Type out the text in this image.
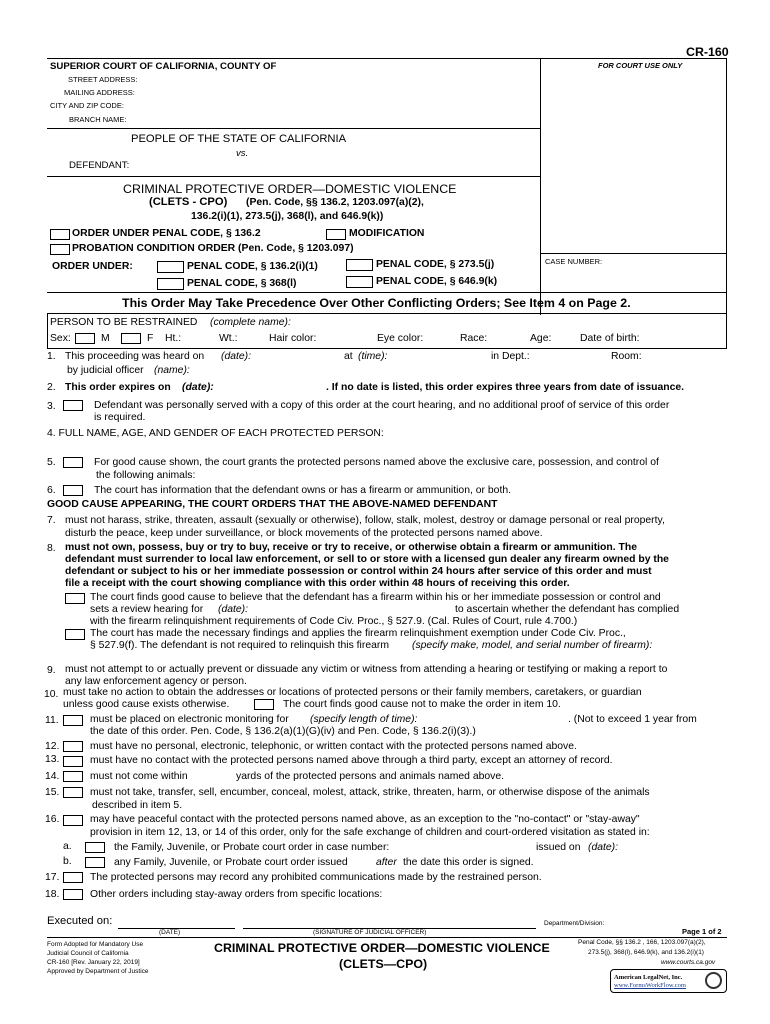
CR-160
SUPERIOR COURT OF CALIFORNIA, COUNTY OF	FOR COURT USE ONLY
STREET ADDRESS:
MAILING ADDRESS:
CITY AND ZIP CODE:
BRANCH NAME:
PEOPLE OF THE STATE OF CALIFORNIA
vs.
DEFENDANT:
CRIMINAL PROTECTIVE ORDER—DOMESTIC VIOLENCE
(CLETS - CPO) (Pen. Code, §§ 136.2, 1203.097(a)(2),
136.2(i)(1), 273.5(j), 368(l), and 646.9(k))
ORDER UNDER PENAL CODE, § 136.2	MODIFICATION
PROBATION CONDITION ORDER (Pen. Code, § 1203.097)
ORDER UNDER:	PENAL CODE, § 136.2(i)(1)	PENAL CODE, § 273.5(j)
PENAL CODE, § 368(l)	PENAL CODE, § 646.9(k)
CASE NUMBER:
This Order May Take Precedence Over Other Conflicting Orders; See Item 4 on Page 2.
PERSON TO BE RESTRAINED (complete name):
Sex:	M	F Ht.:	Wt.:	Hair color:	Eye color:	Race:	Age:	Date of birth:
1. This proceeding was heard on (date):	at (time):	in Dept.:	Room:
by judicial officer (name):
2. This order expires on (date):	. If no date is listed, this order expires three years from date of issuance.
3.	Defendant was personally served with a copy of this order at the court hearing, and no additional proof of service of this order
is required.
4. FULL NAME, AGE, AND GENDER OF EACH PROTECTED PERSON:
5.	For good cause shown, the court grants the protected persons named above the exclusive care, possession, and control of
the following animals:
6.	The court has information that the defendant owns or has a firearm or ammunition, or both.
GOOD CAUSE APPEARING, THE COURT ORDERS THAT THE ABOVE-NAMED DEFENDANT
7. must not harass, strike, threaten, assault (sexually or otherwise), follow, stalk, molest, destroy or damage personal or real property,
disturb the peace, keep under surveillance, or block movements of the protected persons named above.
8. must not own, possess, buy or try to buy, receive or try to receive, or otherwise obtain a firearm or ammunition. The
defendant must surrender to local law enforcement, or sell to or store with a licensed gun dealer any firearm owned by the
defendant or subject to his or her immediate possession or control within 24 hours after service of this order and must
file a receipt with the court showing compliance with this order within 48 hours of receiving this order.
The court finds good cause to believe that the defendant has a firearm within his or her immediate possession or control and
sets a review hearing for (date):	to ascertain whether the defendant has complied
with the firearm relinquishment requirements of Code Civ. Proc., § 527.9. (Cal. Rules of Court, rule 4.700.)
The court has made the necessary findings and applies the firearm relinquishment exemption under Code Civ. Proc.,
§ 527.9(f). The defendant is not required to relinquish this firearm (specify make, model, and serial number of firearm):
9. must not attempt to or actually prevent or dissuade any victim or witness from attending a hearing or testifying or making a report to
any law enforcement agency or person.
10. must take no action to obtain the addresses or locations of protected persons or their family members, caretakers, or guardian
unless good cause exists otherwise.	The court finds good cause not to make the order in item 10.
11.	must be placed on electronic monitoring for (specify length of time):	. (Not to exceed 1 year from
the date of this order. Pen. Code, § 136.2(a)(1)(G)(iv) and Pen. Code, § 136.2(i)(3).)
12.	must have no personal, electronic, telephonic, or written contact with the protected persons named above.
13.	must have no contact with the protected persons named above through a third party, except an attorney of record.
14.	must not come within	yards of the protected persons and animals named above.
15.	must not take, transfer, sell, encumber, conceal, molest, attack, strike, threaten, harm, or otherwise dispose of the animals
described in item 5.
16.	may have peaceful contact with the protected persons named above, as an exception to the "no-contact" or "stay-away"
provision in item 12, 13, or 14 of this order, only for the safe exchange of children and court-ordered visitation as stated in:
a.	the Family, Juvenile, or Probate court order in case number:	issued on (date):
b.	any Family, Juvenile, or Probate court order issued	after the date this order is signed.
17.	The protected persons may record any prohibited communications made by the restrained person.
18.	Other orders including stay-away orders from specific locations:
Executed on:
(DATE)	(SIGNATURE OF JUDICIAL OFFICER)
Department/Division:
Form Adopted for Mandatory Use
Judicial Council of California
CR-160 [Rev. January 22, 2019]
Approved by Department of Justice
CRIMINAL PROTECTIVE ORDER—DOMESTIC VIOLENCE
(CLETS—CPO)
Page 1 of 2
Penal Code, §§ 136.2 , 166, 1203.097(a)(2),
273.5(j), 368(l), 646.9(k), and 136.2(i)(1)
www.courts.ca.gov
American LegalNet, Inc.
www.FormsWorkFlow.com
